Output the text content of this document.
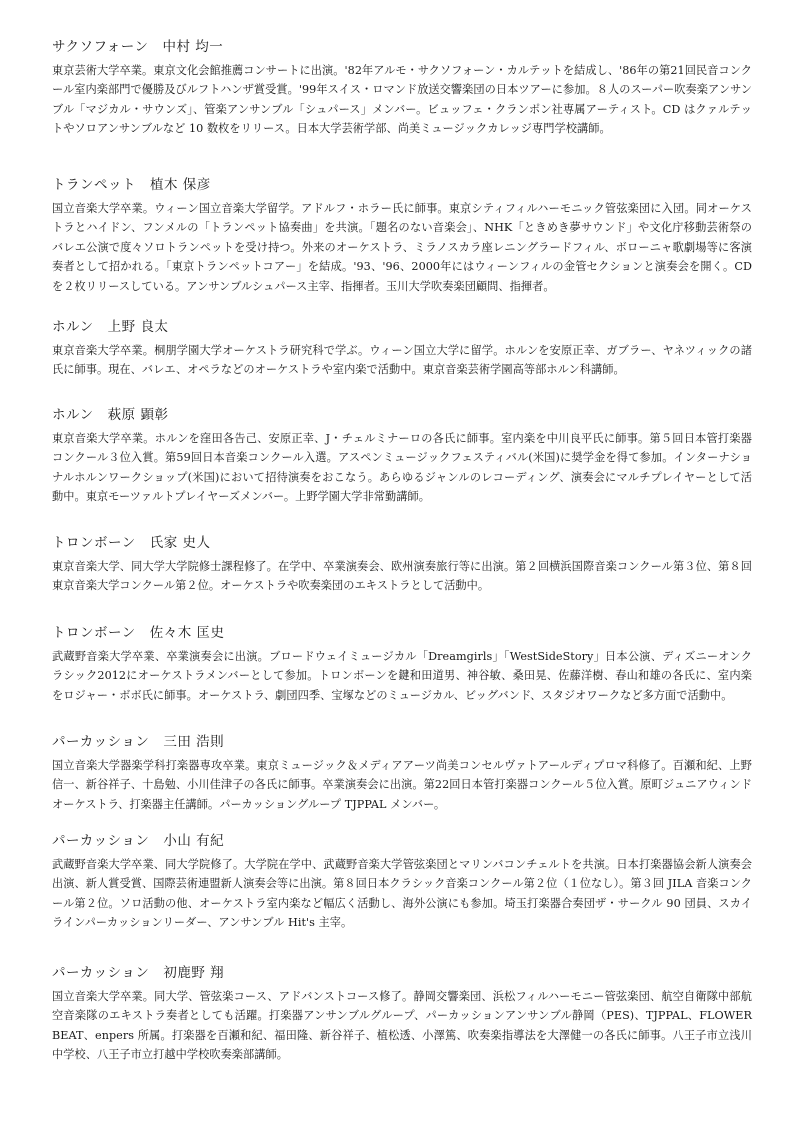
サクソフォーン　中村 均一
東京芸術大学卒業。東京文化会館推薦コンサートに出演。'82年アルモ・サクソフォーン・カルテットを結成し、'86年の第21回民音コンクール室内楽部門で優勝及びルフトハンザ賞受賞。'99年スイス・ロマンド放送交響楽団の日本ツアーに参加。８人のスーパー吹奏楽アンサンブル「マジカル・サウンズ」、管楽アンサンブル「シュパース」メンバー。ビュッフェ・クランポン社専属アーティスト。CD はクァルテットやソロアンサンブルなど 10 数枚をリリース。日本大学芸術学部、尚美ミュージックカレッジ専門学校講師。
トランペット　植木 保彦
国立音楽大学卒業。ウィーン国立音楽大学留学。アドルフ・ホラー氏に師事。東京シティフィルハーモニック管弦楽団に入団。同オーケストラとハイドン、フンメルの「トランペット協奏曲」を共演。「題名のない音楽会」、NHK「ときめき夢サウンド」や文化庁移動芸術祭のバレエ公演で度々ソロトランペットを受け持つ。外来のオーケストラ、ミラノスカラ座レニングラードフィル、ボローニャ歌劇場等に客演奏者として招かれる。「東京トランペットコアー」を結成。'93、'96、2000年にはウィーンフィルの金管セクションと演奏会を開く。CD を２枚リリースしている。アンサンブルシュパース主宰、指揮者。玉川大学吹奏楽団顧問、指揮者。
ホルン　上野 良太
東京音楽大学卒業。桐朋学園大学オーケストラ研究科で学ぶ。ウィーン国立大学に留学。ホルンを安原正幸、ガブラー、ヤネツィックの諸氏に師事。現在、バレエ、オペラなどのオーケストラや室内楽で活動中。東京音楽芸術学園高等部ホルン科講師。
ホルン　萩原 顕彰
東京音楽大学卒業。ホルンを窪田各告己、安原正幸、J・チェルミナーロの各氏に師事。室内楽を中川良平氏に師事。第５回日本管打楽器コンクール３位入賞。第59回日本音楽コンクール入選。アスペンミュージックフェスティバル(米国)に奨学金を得て参加。インターナショナルホルンワークショップ(米国)において招待演奏をおこなう。あらゆるジャンルのレコーディング、演奏会にマルチプレイヤーとして活動中。東京モーツァルトプレイヤーズメンバー。上野学園大学非常勤講師。
トロンボーン　氏家 史人
東京音楽大学、同大学大学院修士課程修了。在学中、卒業演奏会、欧州演奏旅行等に出演。第２回横浜国際音楽コンクール第３位、第８回東京音楽大学コンクール第２位。オーケストラや吹奏楽団のエキストラとして活動中。
トロンボーン　佐々木 匡史
武蔵野音楽大学卒業、卒業演奏会に出演。ブロードウェイミュージカル「Dreamgirls」「WestSideStory」日本公演、ディズニーオンクラシック2012にオーケストラメンバーとして参加。トロンボーンを鍵和田道男、神谷敏、桑田晃、佐藤洋樹、春山和雄の各氏に、室内楽をロジャー・ボボ氏に師事。オーケストラ、劇団四季、宝塚などのミュージカル、ビッグバンド、スタジオワークなど多方面で活動中。
パーカッション　三田 浩則
国立音楽大学器楽学科打楽器専攻卒業。東京ミュージック＆メディアアーツ尚美コンセルヴァトアールディプロマ科修了。百瀬和紀、上野信一、新谷祥子、十島勉、小川佳津子の各氏に師事。卒業演奏会に出演。第22回日本管打楽器コンクール５位入賞。原町ジュニアウィンドオーケストラ、打楽器主任講師。パーカッショングループ TJPPAL メンバー。
パーカッション　小山 有紀
武蔵野音楽大学卒業、同大学院修了。大学院在学中、武蔵野音楽大学管弦楽団とマリンバコンチェルトを共演。日本打楽器協会新人演奏会出演、新人賞受賞、国際芸術連盟新人演奏会等に出演。第８回日本クラシック音楽コンクール第２位（１位なし）。第３回 JILA 音楽コンクール第２位。ソロ活動の他、オーケストラ室内楽など幅広く活動し、海外公演にも参加。埼玉打楽器合奏団ザ・サークル 90 団員、スカイラインパーカッションリーダー、アンサンブル Hit's 主宰。
パーカッション　初鹿野 翔
国立音楽大学卒業。同大学、管弦楽コース、アドバンストコース修了。静岡交響楽団、浜松フィルハーモニー管弦楽団、航空自衛隊中部航空音楽隊のエキストラ奏者としても活躍。打楽器アンサンブルグループ、パーカッションアンサンブル静岡（PES)、TJPPAL、FLOWER BEAT、enpers 所属。打楽器を百瀬和紀、福田隆、新谷祥子、植松透、小澤篤、吹奏楽指導法を大澤健一の各氏に師事。八王子市立浅川中学校、八王子市立打越中学校吹奏楽部講師。
